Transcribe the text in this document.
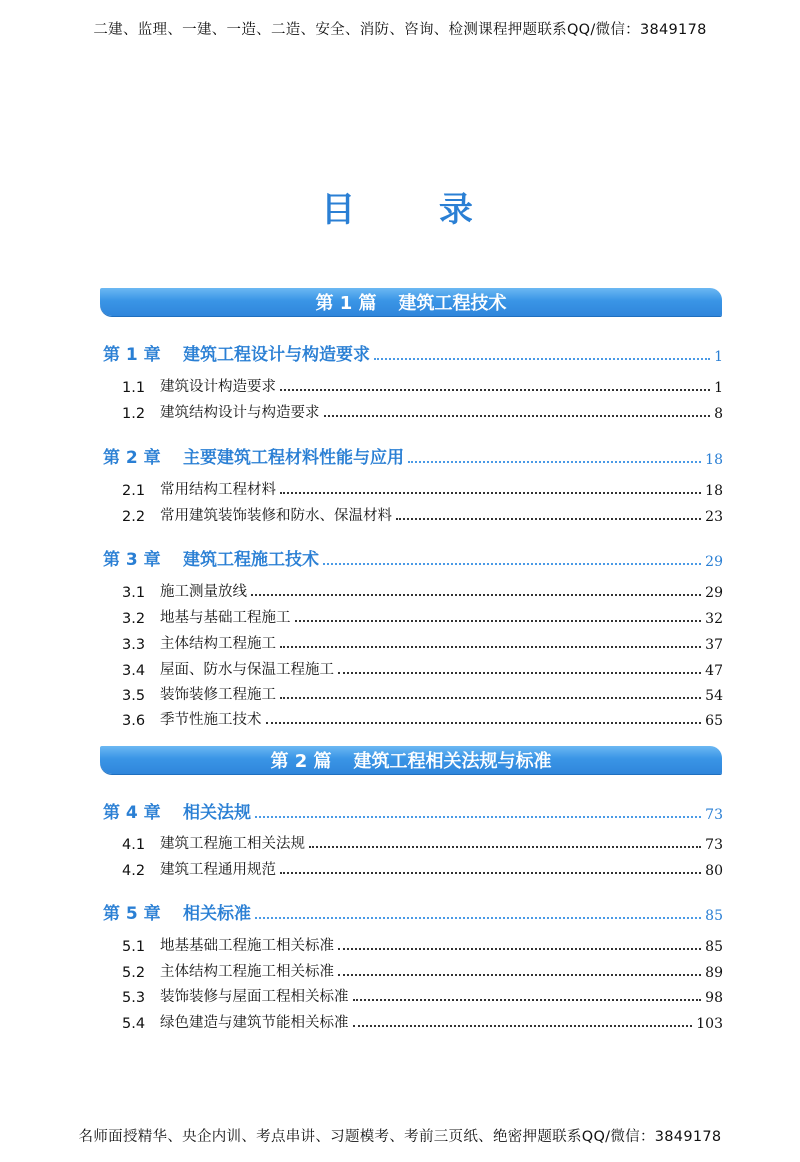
二建、监理、一建、一造、二造、安全、消防、咨询、检测课程押题联系QQ/微信：3849178
目 录
第 1 篇 建筑工程技术
第 1 章	建筑工程设计与构造要求	1
1.1	建筑设计构造要求	1
1.2	建筑结构设计与构造要求	8
第 2 章	主要建筑工程材料性能与应用	18
2.1	常用结构工程材料	18
2.2	常用建筑装饰装修和防水、保温材料	23
第 3 章	建筑工程施工技术	29
3.1	施工测量放线	29
3.2	地基与基础工程施工	32
3.3	主体结构工程施工	37
3.4	屋面、防水与保温工程施工	47
3.5	装饰装修工程施工	54
3.6	季节性施工技术	65
第 2 篇 建筑工程相关法规与标准
第 4 章	相关法规	73
4.1	建筑工程施工相关法规	73
4.2	建筑工程通用规范	80
第 5 章	相关标准	85
5.1	地基基础工程施工相关标准	85
5.2	主体结构工程施工相关标准	89
5.3	装饰装修与屋面工程相关标准	98
5.4	绿色建造与建筑节能相关标准	103
名师面授精华、央企内训、考点串讲、习题模考、考前三页纸、绝密押题联系QQ/微信：3849178
